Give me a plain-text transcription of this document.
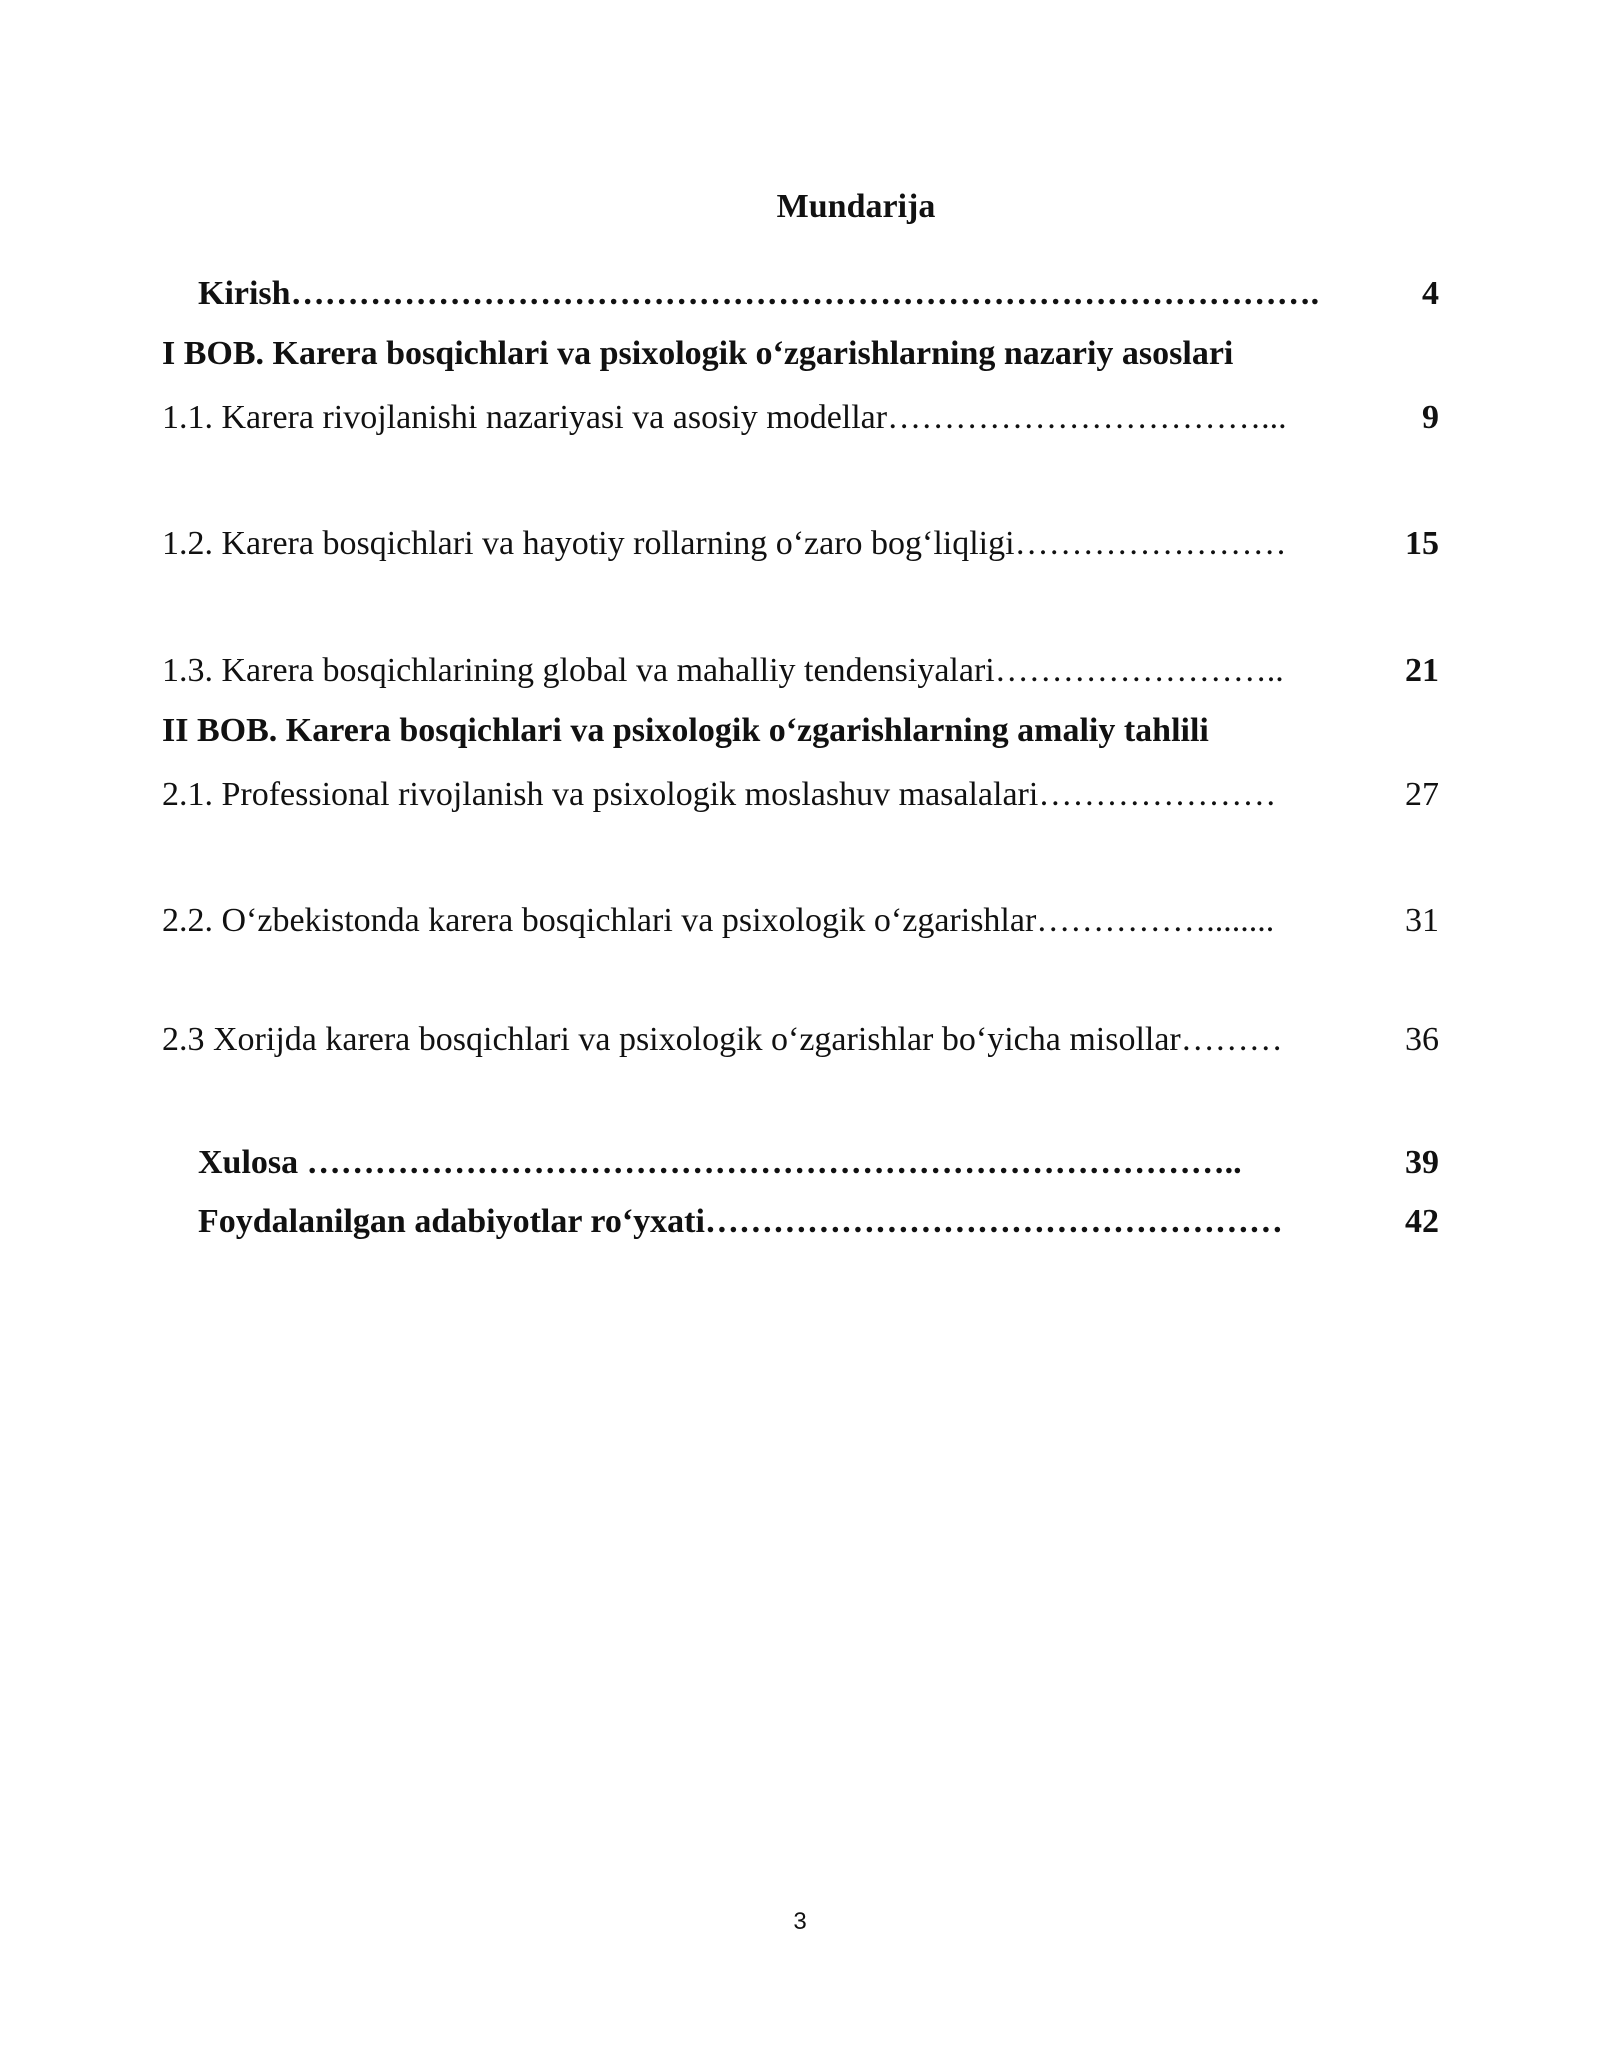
Mundarija
Kirish……………………………………………………………………………….	4
I BOB. Karera bosqichlari va psixologik o‘zgarishlarning nazariy asoslari
1.1. Karera rivojlanishi nazariyasi va asosiy modellar……………………………...	9
1.2. Karera bosqichlari va hayotiy rollarning o‘zaro bog‘liqligi……………………	15
1.3. Karera bosqichlarining global va mahalliy tendensiyalari……………………..	21
II BOB. Karera bosqichlari va psixologik o‘zgarishlarning amaliy tahlili
2.1. Professional rivojlanish va psixologik moslashuv masalalari…………………	27
2.2. O‘zbekistonda karera bosqichlari va psixologik o‘zgarishlar……………........	31
2.3 Xorijda karera bosqichlari va psixologik o‘zgarishlar bo‘yicha misollar………	36
Xulosa ………………………………………………………………………..	39
Foydalanilgan adabiyotlar ro‘yxati……………………………………………	42
3
